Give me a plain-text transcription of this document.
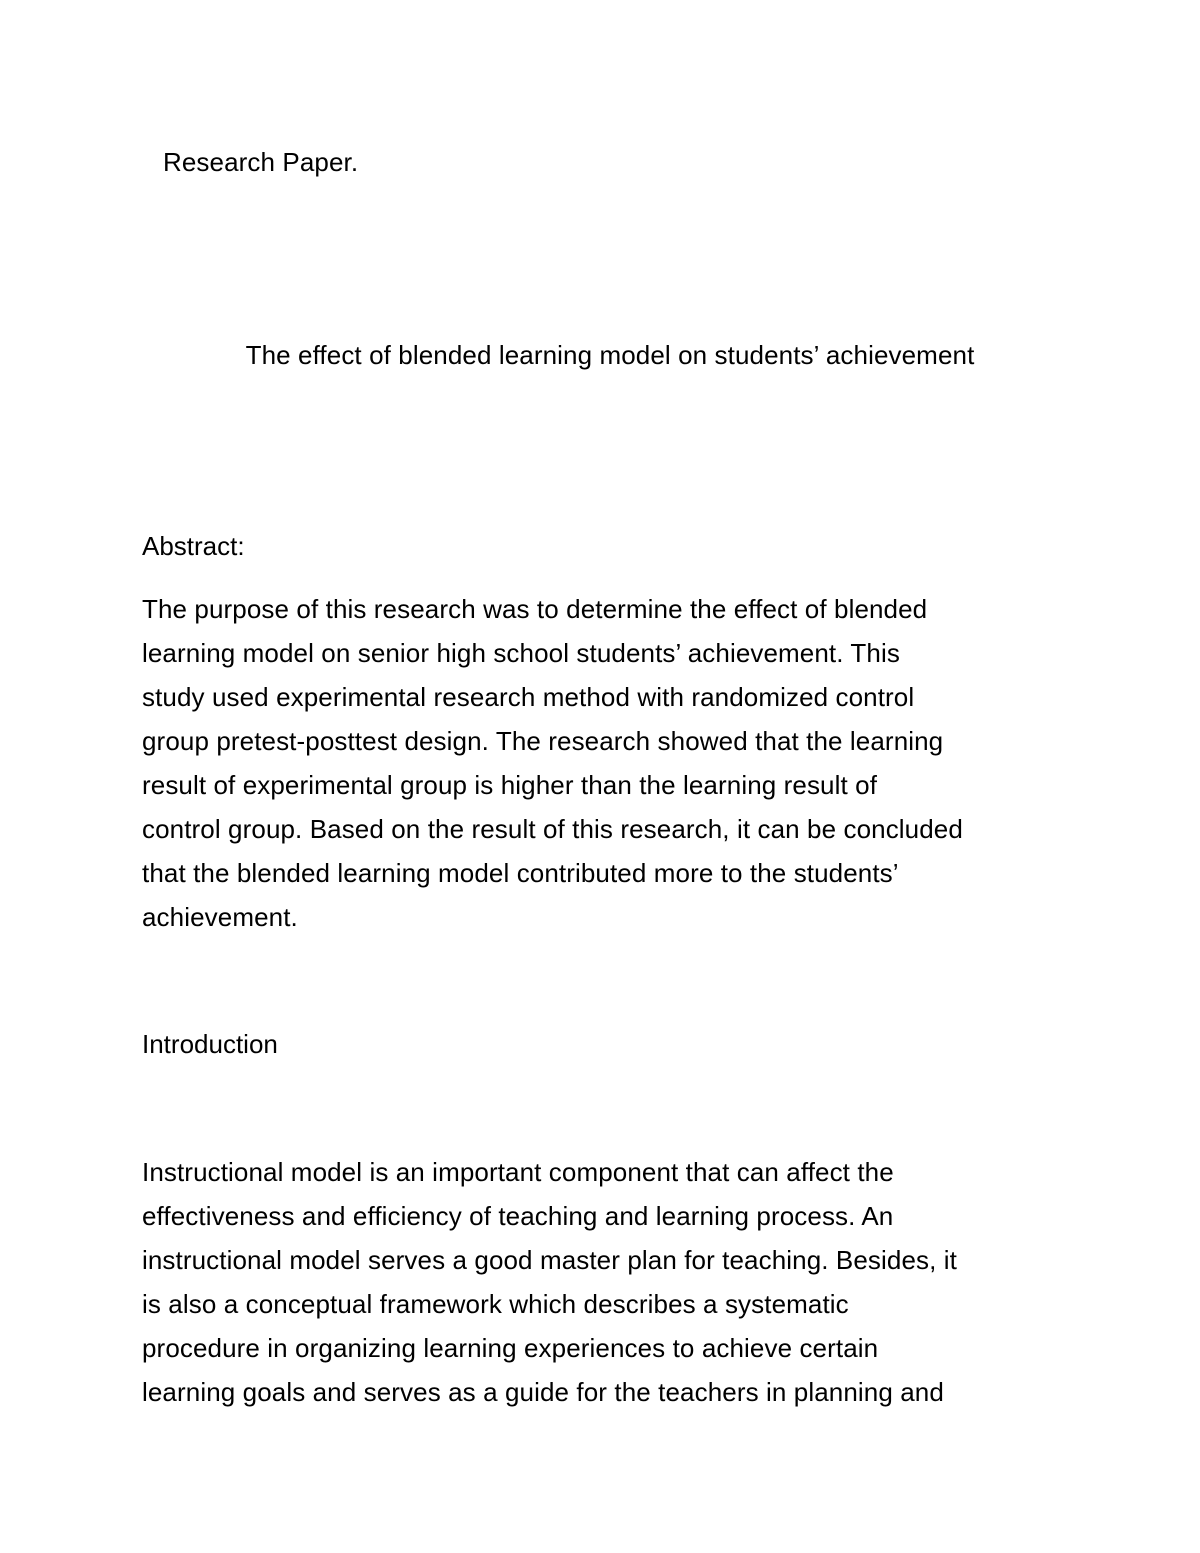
Research Paper.
The effect of blended learning model on students’ achievement
Abstract:

The purpose of this research was to determine the effect of blended
learning model on senior high school students’ achievement. This
study used experimental research method with randomized control
group pretest-posttest design. The research showed that the learning
result of experimental group is higher than the learning result of
control group. Based on the result of this research, it can be concluded
that the blended learning model contributed more to the students’
achievement.

Introduction

Instructional model is an important component that can affect the
effectiveness and efficiency of teaching and learning process. An
instructional model serves a good master plan for teaching. Besides, it
is also a conceptual framework which describes a systematic
procedure in organizing learning experiences to achieve certain
learning goals and serves as a guide for the teachers in planning and
